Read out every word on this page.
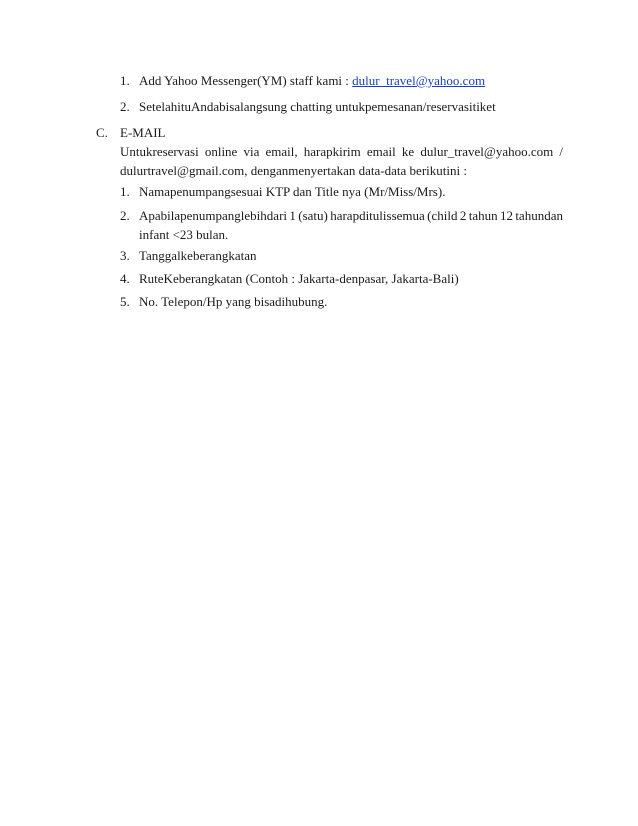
1. Add Yahoo Messenger(YM) staff kami : dulur_travel@yahoo.com
2. SetelahituAndabisalangsung chatting untukpemesanan/reservasitiket
C. E-MAIL
Untukreservasi online via email, harapkirim email ke dulur_travel@yahoo.com /
dulurtravel@gmail.com, denganmenyertakan data-data berikutini :
1. Namapenumpangsesuai KTP dan Title nya (Mr/Miss/Mrs).
2. Apabilapenumpanglebihdari 1 (satu) harapditulissemua (child 2 tahun 12 tahundan
infant <23 bulan.
3. Tanggalkeberangkatan
4. RuteKeberangkatan (Contoh : Jakarta-denpasar, Jakarta-Bali)
5. No. Telepon/Hp yang bisadihubung.
